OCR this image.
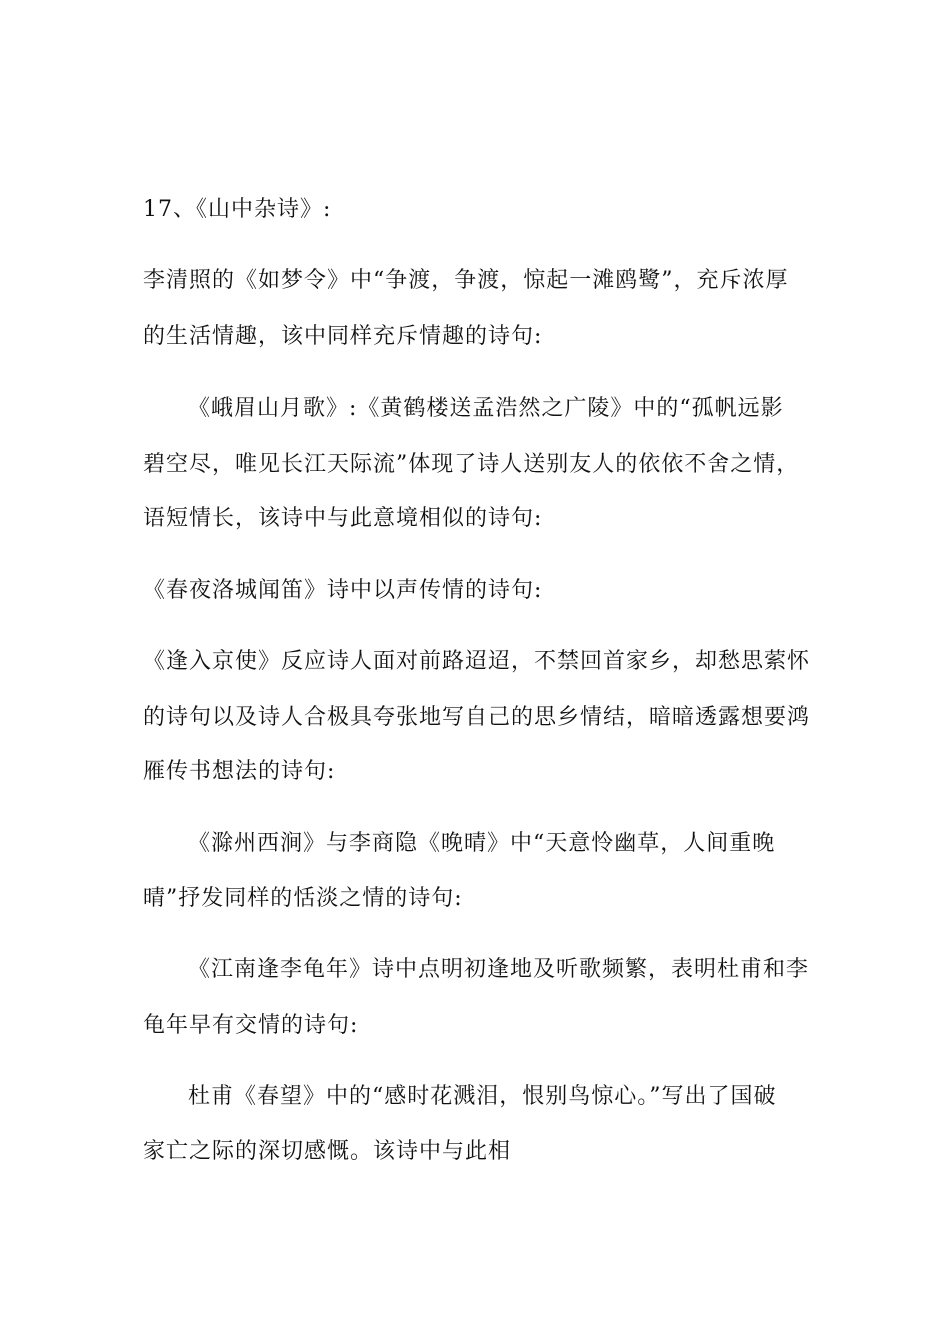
17、《山中杂诗》:
李清照的《如梦令》中“争渡，争渡，惊起一滩鸥鹭”，充斥浓厚
的生活情趣，该中同样充斥情趣的诗句:
《峨眉山月歌》:《黄鹤楼送孟浩然之广陵》中的“孤帆远影
碧空尽，唯见长江天际流”体现了诗人送别友人的依依不舍之情，
语短情长，该诗中与此意境相似的诗句:
《春夜洛城闻笛》诗中以声传情的诗句:
《逢入京使》反应诗人面对前路迢迢，不禁回首家乡，却愁思萦怀
的诗句以及诗人合极具夸张地写自己的思乡情结，暗暗透露想要鸿
雁传书想法的诗句:
《滁州西涧》与李商隐《晚晴》中“天意怜幽草，人间重晚
晴”抒发同样的恬淡之情的诗句:
《江南逢李龟年》诗中点明初逢地及听歌频繁，表明杜甫和李
龟年早有交情的诗句:
杜甫《春望》中的“感时花溅泪，恨别鸟惊心。”写出了国破
家亡之际的深切感慨。该诗中与此相
